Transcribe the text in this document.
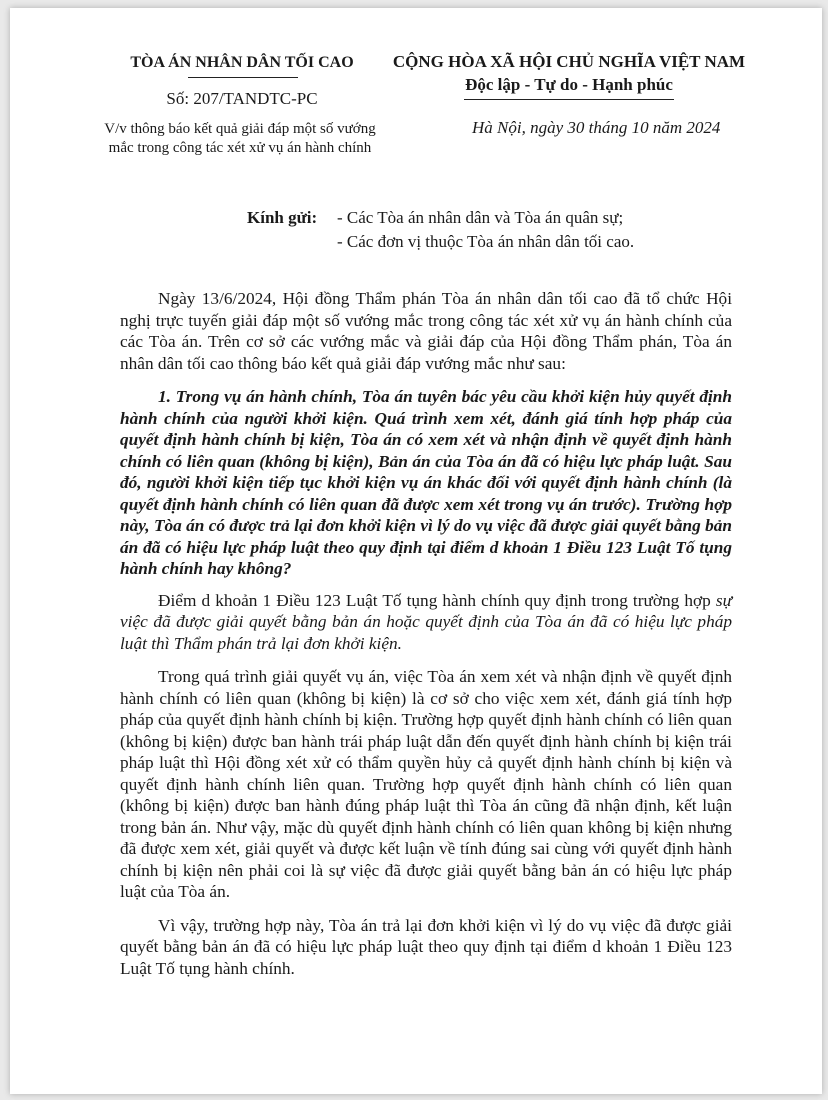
TÒA ÁN NHÂN DÂN TỐI CAO
Số: 207/TANDTC-PC
V/v thông báo kết quả giải đáp một số vướng mắc trong công tác xét xử vụ án hành chính
CỘNG HÒA XÃ HỘI CHỦ NGHĨA VIỆT NAM
Độc lập - Tự do - Hạnh phúc
Hà Nội, ngày 30 tháng 10 năm 2024
Kính gửi: - Các Tòa án nhân dân và Tòa án quân sự;
- Các đơn vị thuộc Tòa án nhân dân tối cao.

Ngày 13/6/2024, Hội đồng Thẩm phán Tòa án nhân dân tối cao đã tổ chức Hội nghị trực tuyến giải đáp một số vướng mắc trong công tác xét xử vụ án hành chính của các Tòa án. Trên cơ sở các vướng mắc và giải đáp của Hội đồng Thẩm phán, Tòa án nhân dân tối cao thông báo kết quả giải đáp vướng mắc như sau:

1. Trong vụ án hành chính, Tòa án tuyên bác yêu cầu khởi kiện hủy quyết định hành chính của người khởi kiện. Quá trình xem xét, đánh giá tính hợp pháp của quyết định hành chính bị kiện, Tòa án có xem xét và nhận định về quyết định hành chính có liên quan (không bị kiện), Bản án của Tòa án đã có hiệu lực pháp luật. Sau đó, người khởi kiện tiếp tục khởi kiện vụ án khác đối với quyết định hành chính (là quyết định hành chính có liên quan đã được xem xét trong vụ án trước). Trường hợp này, Tòa án có được trả lại đơn khởi kiện vì lý do vụ việc đã được giải quyết bằng bản án đã có hiệu lực pháp luật theo quy định tại điểm d khoản 1 Điều 123 Luật Tố tụng hành chính hay không?

Điểm d khoản 1 Điều 123 Luật Tố tụng hành chính quy định trong trường hợp sự việc đã được giải quyết bằng bản án hoặc quyết định của Tòa án đã có hiệu lực pháp luật thì Thẩm phán trả lại đơn khởi kiện.

Trong quá trình giải quyết vụ án, việc Tòa án xem xét và nhận định về quyết định hành chính có liên quan (không bị kiện) là cơ sở cho việc xem xét, đánh giá tính hợp pháp của quyết định hành chính bị kiện. Trường hợp quyết định hành chính có liên quan (không bị kiện) được ban hành trái pháp luật dẫn đến quyết định hành chính bị kiện trái pháp luật thì Hội đồng xét xử có thẩm quyền hủy cả quyết định hành chính bị kiện và quyết định hành chính liên quan. Trường hợp quyết định hành chính có liên quan (không bị kiện) được ban hành đúng pháp luật thì Tòa án cũng đã nhận định, kết luận trong bản án. Như vậy, mặc dù quyết định hành chính có liên quan không bị kiện nhưng đã được xem xét, giải quyết và được kết luận về tính đúng sai cùng với quyết định hành chính bị kiện nên phải coi là sự việc đã được giải quyết bằng bản án có hiệu lực pháp luật của Tòa án.

Vì vậy, trường hợp này, Tòa án trả lại đơn khởi kiện vì lý do vụ việc đã được giải quyết bằng bản án đã có hiệu lực pháp luật theo quy định tại điểm d khoản 1 Điều 123 Luật Tố tụng hành chính.
